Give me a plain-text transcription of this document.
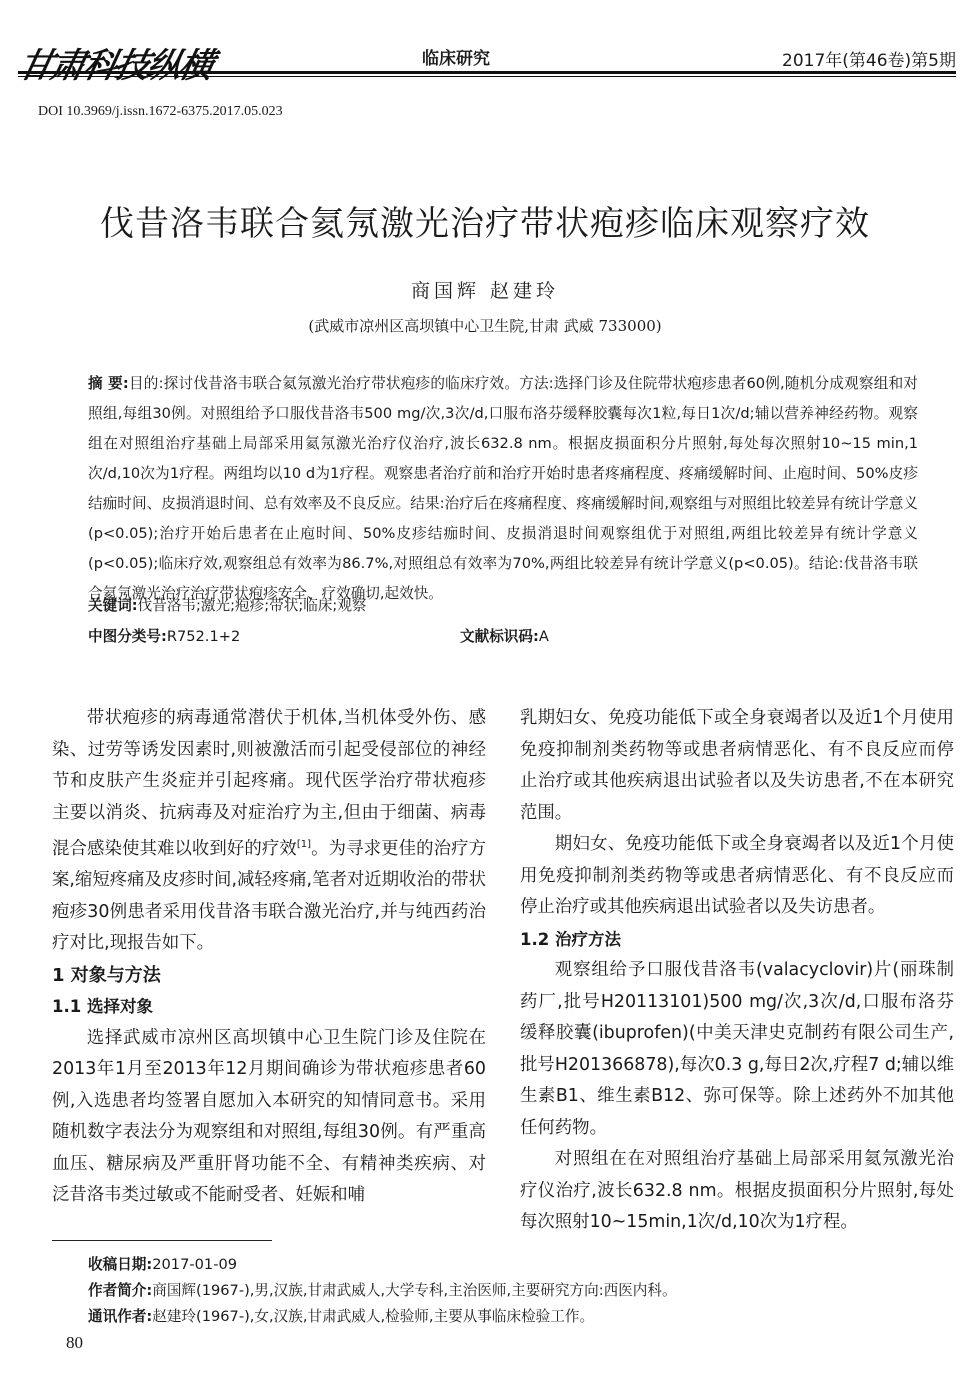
甘肃科技纵横	临床研究	2017年(第46卷)第5期
DOI 10.3969/j.issn.1672-6375.2017.05.023
伐昔洛韦联合氦氖激光治疗带状疱疹临床观察疗效
商国辉 赵建玲
(武威市凉州区高坝镇中心卫生院,甘肃 武威 733000)
摘 要:目的:探讨伐昔洛韦联合氦氖激光治疗带状疱疹的临床疗效。方法:选择门诊及住院带状疱疹患者60例,随机分成观察组和对照组,每组30例。对照组给予口服伐昔洛韦500 mg/次,3次/d,口服布洛芬缓释胶囊每次1粒,每日1次/d;辅以营养神经药物。观察组在对照组治疗基础上局部采用氦氖激光治疗仪治疗,波长632.8 nm。根据皮损面积分片照射,每处每次照射10~15 min,1次/d,10次为1疗程。两组均以10 d为1疗程。观察患者治疗前和治疗开始时患者疼痛程度、疼痛缓解时间、止庖时间、50%皮疹结痂时间、皮损消退时间、总有效率及不良反应。结果:治疗后在疼痛程度、疼痛缓解时间,观察组与对照组比较差异有统计学意义(p<0.05);治疗开始后患者在止庖时间、50%皮疹结痂时间、皮损消退时间观察组优于对照组,两组比较差异有统计学意义(p<0.05);临床疗效,观察组总有效率为86.7%,对照组总有效率为70%,两组比较差异有统计学意义(p<0.05)。结论:伐昔洛韦联合氦氖激光治疗治疗带状疱疹安全、疗效确切,起效快。
关键词:伐昔洛韦;激光;疱疹;带状;临床;观察
中图分类号:R752.1+2	文献标识码:A

带状疱疹的病毒通常潜伏于机体,当机体受外伤、感染、过劳等诱发因素时,则被激活而引起受侵部位的神经节和皮肤产生炎症并引起疼痛。现代医学治疗带状疱疹主要以消炎、抗病毒及对症治疗为主,但由于细菌、病毒混合感染使其难以收到好的疗效[1]。为寻求更佳的治疗方案,缩短疼痛及皮疹时间,减轻疼痛,笔者对近期收治的带状疱疹30例患者采用伐昔洛韦联合激光治疗,并与纯西药治疗对比,现报告如下。

1 对象与方法

1.1 选择对象

选择武威市凉州区高坝镇中心卫生院门诊及住院在2013年1月至2013年12月期间确诊为带状疱疹患者60例,入选患者均签署自愿加入本研究的知情同意书。采用随机数字表法分为观察组和对照组,每组30例。有严重高血压、糖尿病及严重肝肾功能不全、有精神类疾病、对泛昔洛韦类过敏或不能耐受者、妊娠和哺

乳期妇女、免疫功能低下或全身衰竭者以及近1个月使用免疫抑制剂类药物等或患者病情恶化、有不良反应而停止治疗或其他疾病退出试验者以及失访患者,不在本研究范围。

期妇女、免疫功能低下或全身衰竭者以及近1个月使用免疫抑制剂类药物等或患者病情恶化、有不良反应而停止治疗或其他疾病退出试验者以及失访患者。

1.2 治疗方法

观察组给予口服伐昔洛韦(valacyclovir)片(丽珠制药厂,批号H20113101)500 mg/次,3次/d,口服布洛芬缓释胶囊(ibuprofen)(中美天津史克制药有限公司生产,批号H201366878),每次0.3 g,每日2次,疗程7 d;辅以维生素B1、维生素B12、弥可保等。除上述药外不加其他任何药物。

对照组在在对照组治疗基础上局部采用氦氖激光治疗仪治疗,波长632.8 nm。根据皮损面积分片照射,每处每次照射10~15min,1次/d,10次为1疗程。

收稿日期:2017-01-09
作者简介:商国辉(1967-),男,汉族,甘肃武威人,大学专科,主治医师,主要研究方向:西医内科。
通讯作者:赵建玲(1967-),女,汉族,甘肃武威人,检验师,主要从事临床检验工作。
80
